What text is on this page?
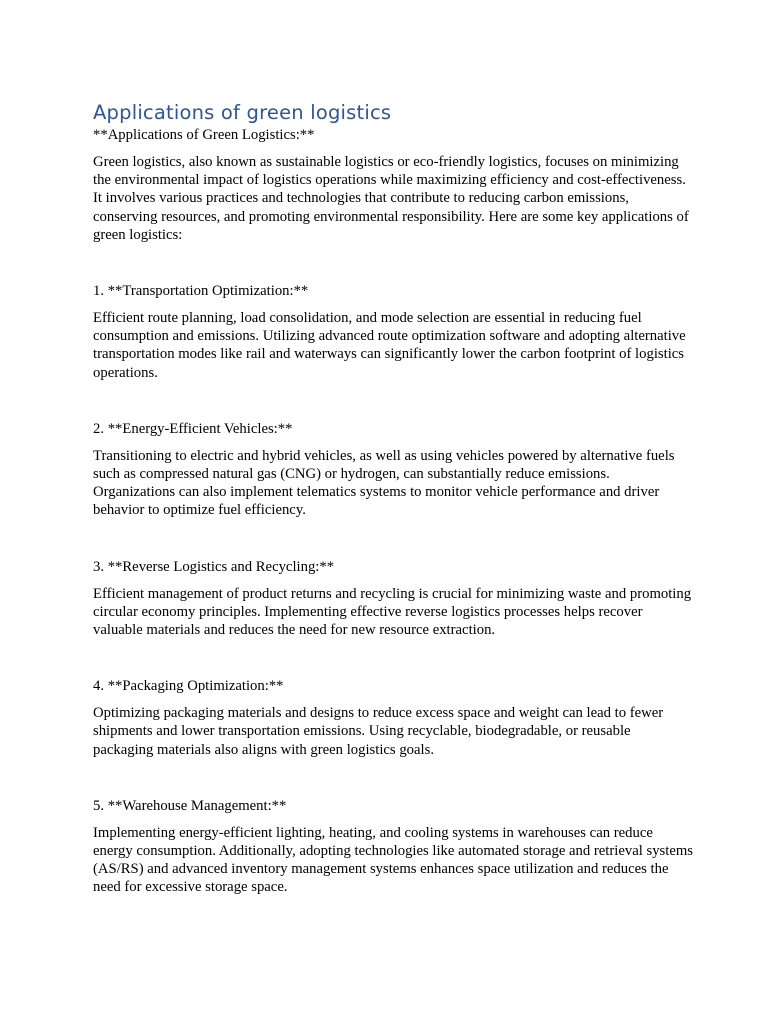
Applications of green logistics

**Applications of Green Logistics:**

Green logistics, also known as sustainable logistics or eco-friendly logistics, focuses on minimizing the environmental impact of logistics operations while maximizing efficiency and cost-effectiveness. It involves various practices and technologies that contribute to reducing carbon emissions, conserving resources, and promoting environmental responsibility. Here are some key applications of green logistics:

1. **Transportation Optimization:**

Efficient route planning, load consolidation, and mode selection are essential in reducing fuel consumption and emissions. Utilizing advanced route optimization software and adopting alternative transportation modes like rail and waterways can significantly lower the carbon footprint of logistics operations.

2. **Energy-Efficient Vehicles:**

Transitioning to electric and hybrid vehicles, as well as using vehicles powered by alternative fuels such as compressed natural gas (CNG) or hydrogen, can substantially reduce emissions. Organizations can also implement telematics systems to monitor vehicle performance and driver behavior to optimize fuel efficiency.

3. **Reverse Logistics and Recycling:**

Efficient management of product returns and recycling is crucial for minimizing waste and promoting circular economy principles. Implementing effective reverse logistics processes helps recover valuable materials and reduces the need for new resource extraction.

4. **Packaging Optimization:**

Optimizing packaging materials and designs to reduce excess space and weight can lead to fewer shipments and lower transportation emissions. Using recyclable, biodegradable, or reusable packaging materials also aligns with green logistics goals.

5. **Warehouse Management:**

Implementing energy-efficient lighting, heating, and cooling systems in warehouses can reduce energy consumption. Additionally, adopting technologies like automated storage and retrieval systems (AS/RS) and advanced inventory management systems enhances space utilization and reduces the need for excessive storage space.
